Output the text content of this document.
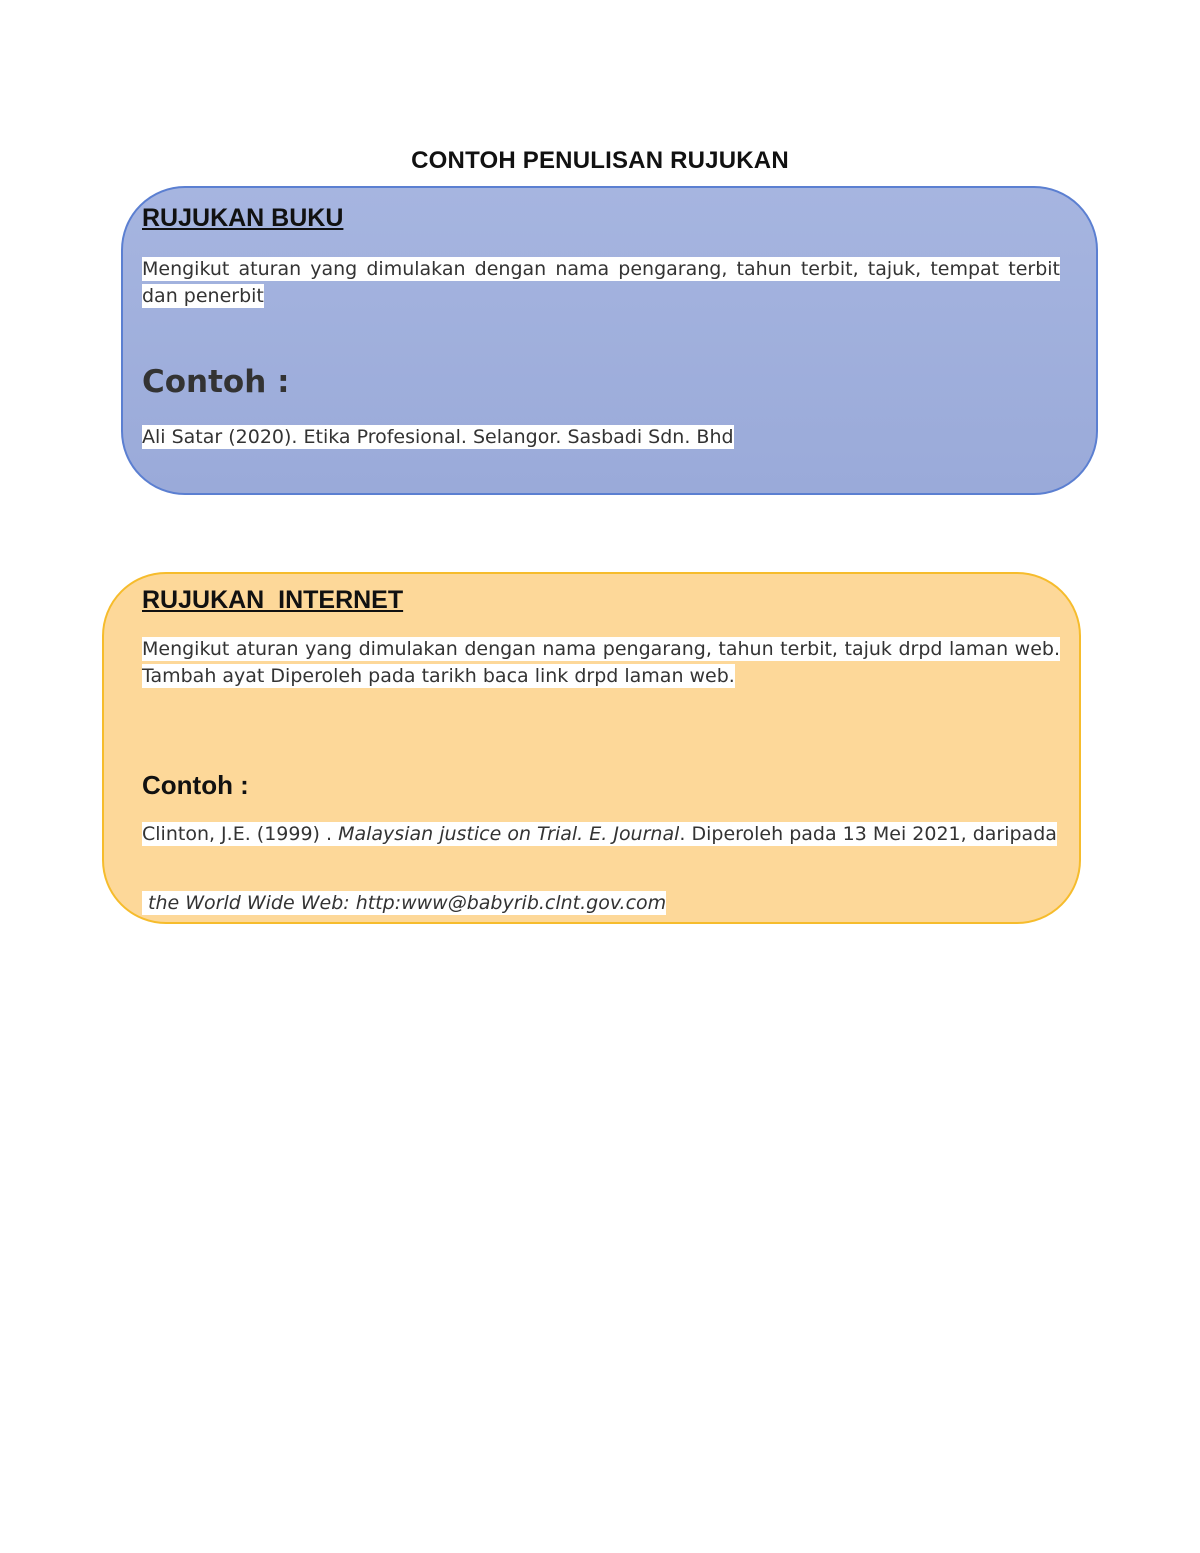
CONTOH PENULISAN RUJUKAN
RUJUKAN BUKU
Mengikut aturan yang dimulakan dengan nama pengarang, tahun terbit, tajuk, tempat terbit dan penerbit
Contoh :
Ali Satar (2020). Etika Profesional. Selangor. Sasbadi Sdn. Bhd
RUJUKAN  INTERNET
Mengikut aturan yang dimulakan dengan nama pengarang, tahun terbit, tajuk drpd laman web. Tambah ayat Diperoleh pada tarikh baca link drpd laman web.
Contoh :
Clinton, J.E. (1999) . Malaysian justice on Trial. E. Journal. Diperoleh pada 13 Mei 2021, daripada
the World Wide Web: http:www@babyrib.clnt.gov.com
